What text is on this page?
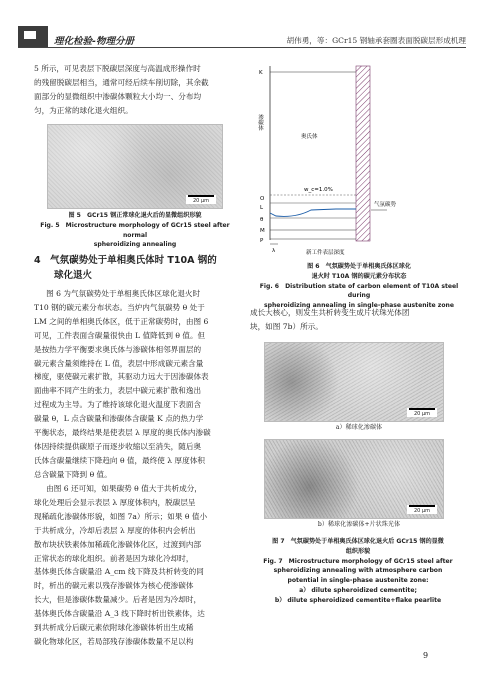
理化检验-物理分册	胡伟勇，等：GCr15 钢轴承套圈表面脱碳层形成机理

5 所示，可见表层下脱碳层深度与高温成形操作时

的残留脱碳层相当，通常可经后续车削切除，其余截

面部分的显微组织中渗碳体颗粒大小均一、分布均

匀，为正常的球化退火组织。

20 μm
图 5　GCr15 钢正常球化退火后的显微组织形貌
Fig. 5　Microstructure morphology of GCr15 steel after normal
spheroidizing annealing
4　气氛碳势处于单相奥氏体时 T10A 钢的
球化退火

图 6 为气氛碳势处于单相奥氏体区球化退火时

T10 钢的碳元素分布状态。当炉内气氛碳势 θ 处于

LM 之间的单相奥氏体区，低于正常碳势时，由图 6

可见，工件表面含碳量很快由 L 值降低到 θ 值。但

是按热力学平衡要求奥氏体与渗碳体相邻界面层的

碳元素含量须维持在 L 值，表层中形成碳元素含量

梯度，驱使碳元素扩散，其驱动力远大于因渗碳体表

面曲率不同产生的张力，表层中碳元素扩散和逸出

过程成为主导。为了维持该球化退火温度下表面含

碳量 θ，L 点含碳量和渗碳体含碳量 K 点的热力学

平衡状态，最终结果是使表层 λ 厚度的奥氏体内渗碳

体因持续提供碳原子而逐步收缩以至消失，随后奥

氏体含碳量继续下降趋向 θ 值，最终使 λ 厚度体积

总含碳量下降到 θ 值。

由图 6 还可知，如果碳势 θ 值大于共析成分，

球化处理后会显示表层 λ 厚度体积内，脱碳层呈

现稀疏化渗碳体形貌，如图 7a）所示；如果 θ 值小

于共析成分，冷却后表层 λ 厚度的体积内会析出

散布块状铁素体加稀疏化渗碳体化区，过渡到内部

正常状态的球化组织。前者是因为球化冷却时，

基体奥氏体含碳量沿 A_cm 线下降及共析转变的同

时，析出的碳元素以残存渗碳体为核心使渗碳体

长大，但是渗碳体数量减少。后者是因为冷却时，

基体奥氏体含碳量沿 A_3 线下降时析出铁素体，达

到共析成分后碳元素依附球化渗碳体析出生成稀

碳化物球化区，若局部残存渗碳体数量不足以构

K
奥氏体
w_c=1.0%
O
L
θ
M
P
λ
气氛碳势
新工件表层深度
渗碳体
图 6　气氛碳势处于单相奥氏体区球化
退火时 T10A 钢的碳元素分布状态
Fig. 6　Distribution state of carbon element of T10A steel during
spheroidizing annealing in single-phase austenite zone

成长大核心，则发生共析转变生成片状珠光体团

块，如图 7b）所示。

20 μm
a）稀球化渗碳体
20 μm
b）稀球化渗碳体+片状珠光体
图 7　气氛碳势处于单相奥氏体区球化退火后 GCr15 钢的显微
组织形貌
Fig. 7　Microstructure morphology of GCr15 steel after
spheroidizing annealing with atmosphere carbon
potential in single-phase austenite zone:
a） dilute spheroidized cementite;
b） dilute spheroidized cementite+flake pearlite
9
